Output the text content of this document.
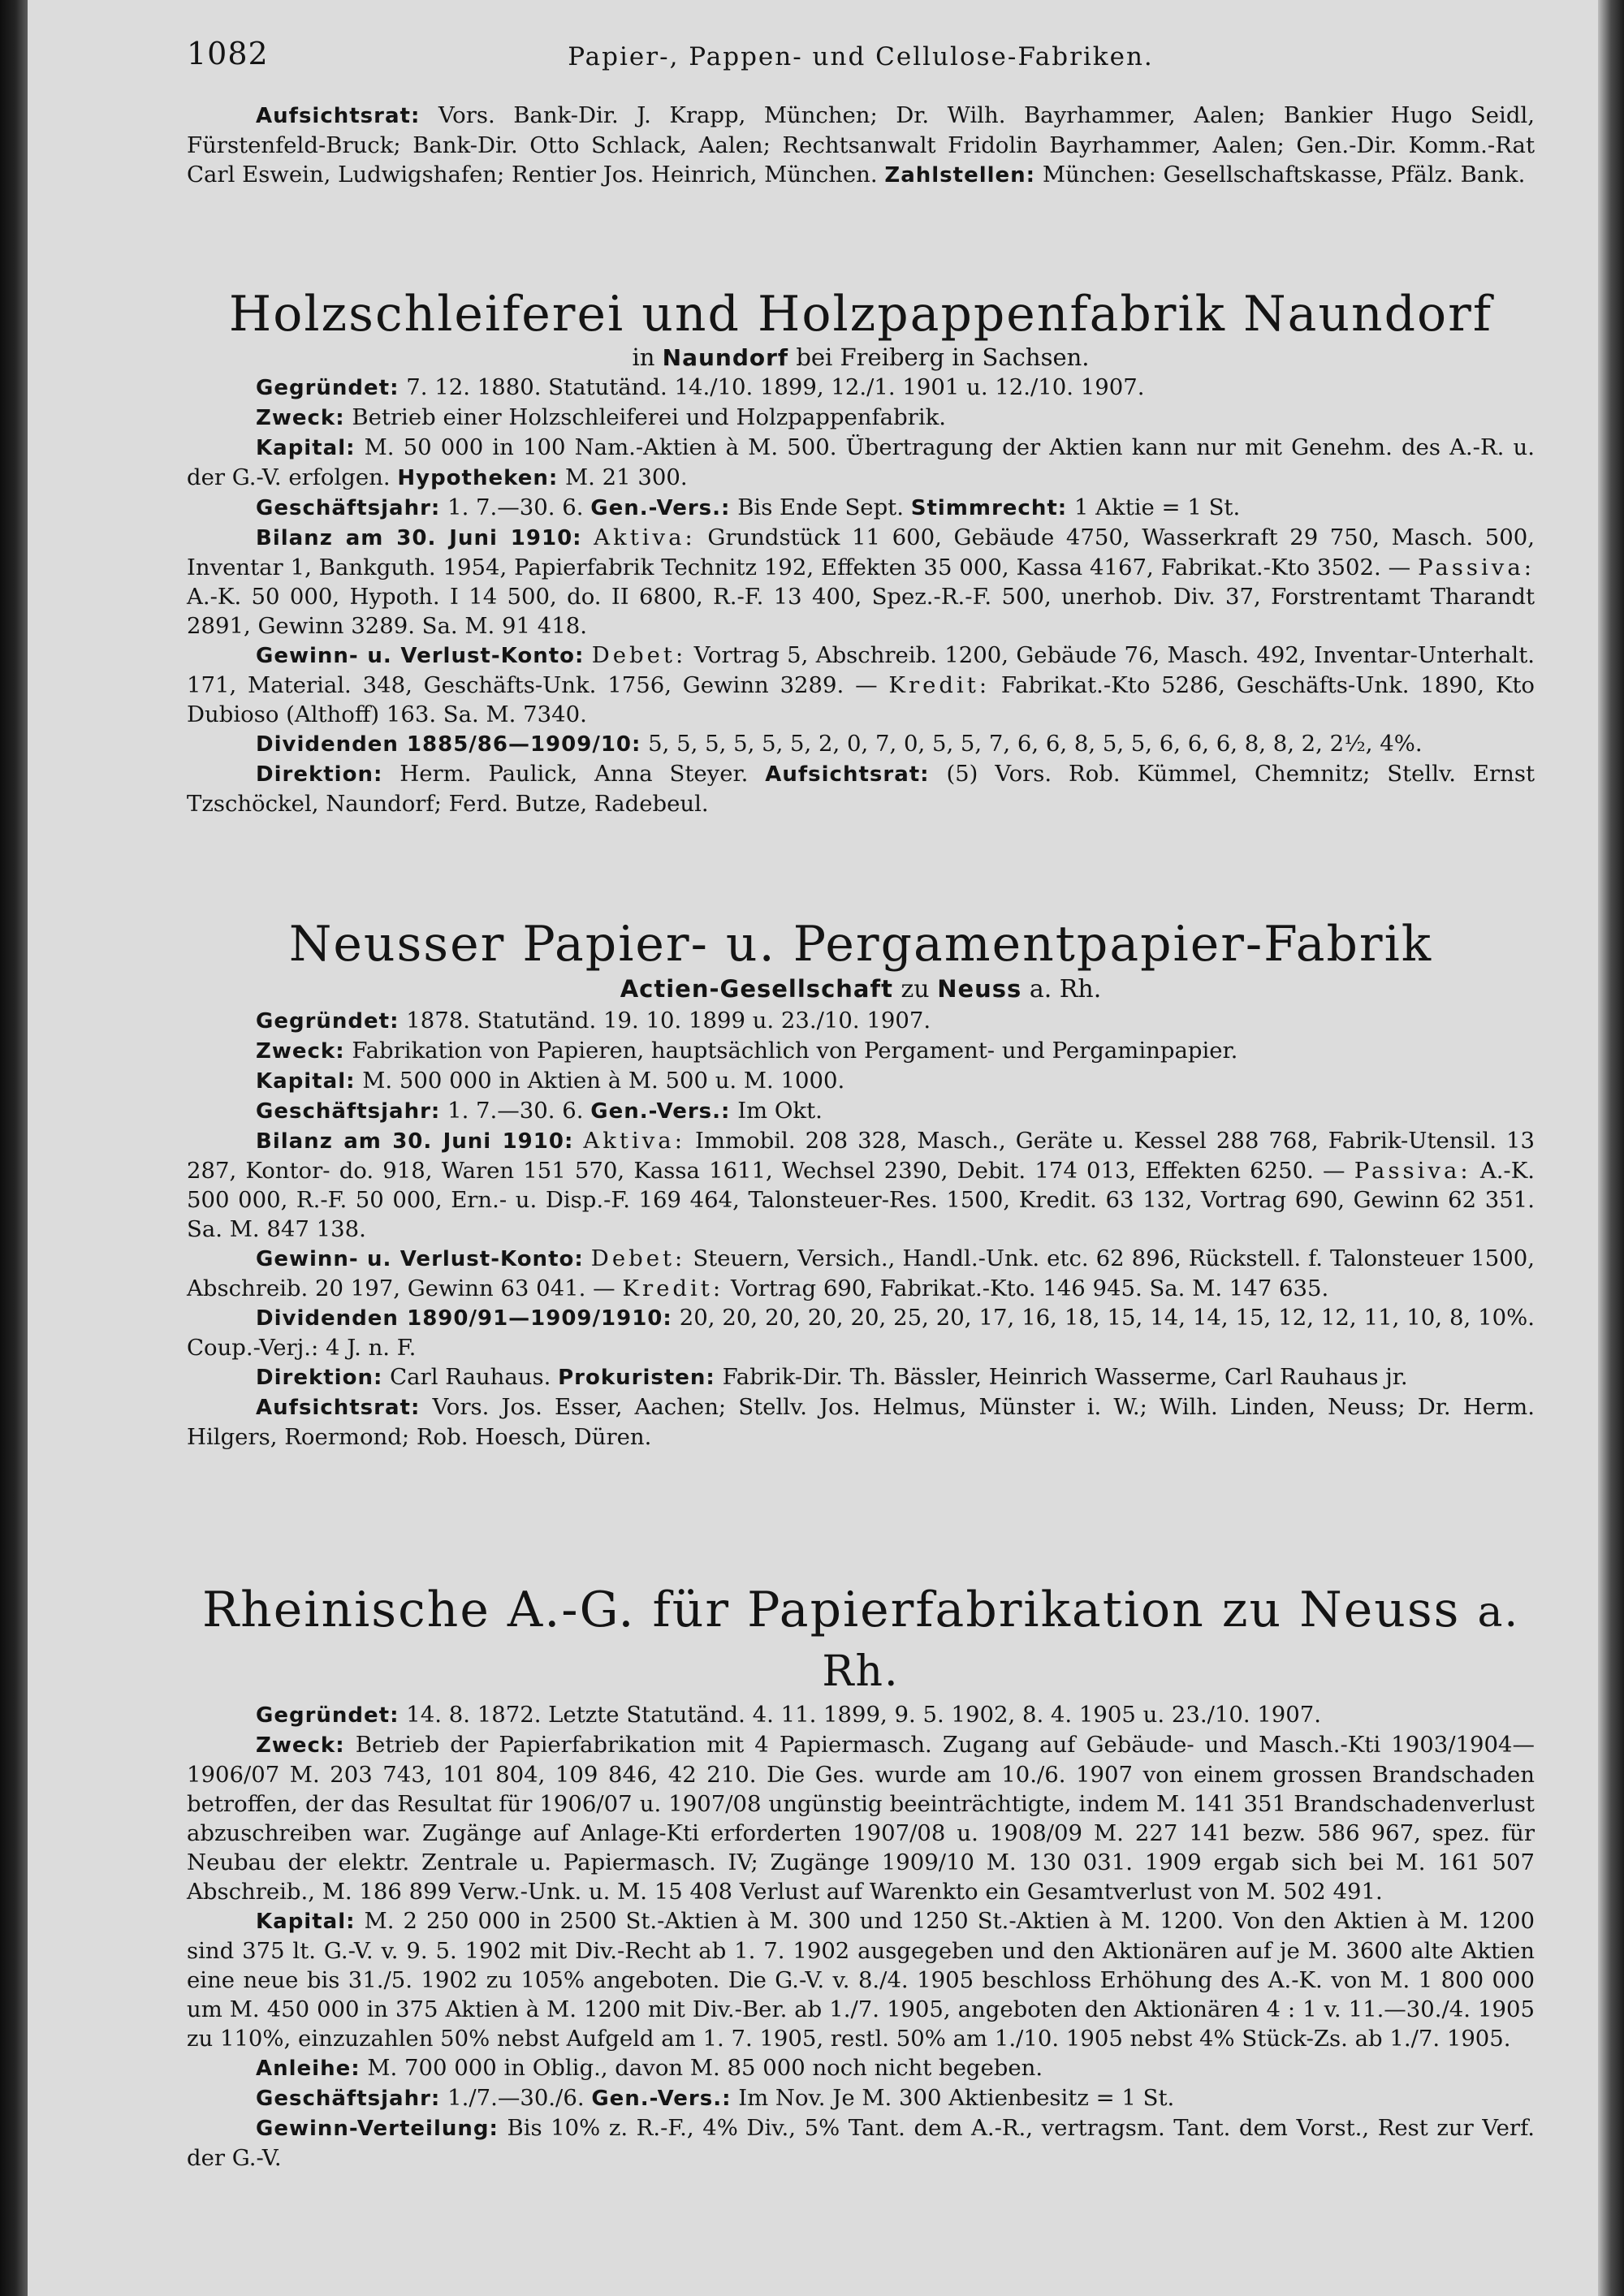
1082	Papier-, Pappen- und Cellulose-Fabriken.

Aufsichtsrat: Vors. Bank-Dir. J. Krapp, München; Dr. Wilh. Bayrhammer, Aalen; Bankier Hugo Seidl, Fürstenfeld-Bruck; Bank-Dir. Otto Schlack, Aalen; Rechtsanwalt Fridolin Bayrhammer, Aalen; Gen.-Dir. Komm.-Rat Carl Eswein, Ludwigshafen; Rentier Jos. Heinrich, München. Zahlstellen: München: Gesellschaftskasse, Pfälz. Bank.

Holzschleiferei und Holzpappenfabrik Naundorf

in Naundorf bei Freiberg in Sachsen.

Gegründet: 7. 12. 1880. Statutänd. 14./10. 1899, 12./1. 1901 u. 12./10. 1907.

Zweck: Betrieb einer Holzschleiferei und Holzpappenfabrik.

Kapital: M. 50 000 in 100 Nam.-Aktien à M. 500. Übertragung der Aktien kann nur mit Genehm. des A.-R. u. der G.-V. erfolgen. Hypotheken: M. 21 300.

Geschäftsjahr: 1. 7.—30. 6. Gen.-Vers.: Bis Ende Sept. Stimmrecht: 1 Aktie = 1 St.

Bilanz am 30. Juni 1910: Aktiva: Grundstück 11 600, Gebäude 4750, Wasserkraft 29 750, Masch. 500, Inventar 1, Bankguth. 1954, Papierfabrik Technitz 192, Effekten 35 000, Kassa 4167, Fabrikat.-Kto 3502. — Passiva: A.-K. 50 000, Hypoth. I 14 500, do. II 6800, R.-F. 13 400, Spez.-R.-F. 500, unerhob. Div. 37, Forstrentamt Tharandt 2891, Gewinn 3289. Sa. M. 91 418.

Gewinn- u. Verlust-Konto: Debet: Vortrag 5, Abschreib. 1200, Gebäude 76, Masch. 492, Inventar-Unterhalt. 171, Material. 348, Geschäfts-Unk. 1756, Gewinn 3289. — Kredit: Fabrikat.-Kto 5286, Geschäfts-Unk. 1890, Kto Dubioso (Althoff) 163. Sa. M. 7340.

Dividenden 1885/86—1909/10: 5, 5, 5, 5, 5, 5, 2, 0, 7, 0, 5, 5, 7, 6, 6, 8, 5, 5, 6, 6, 6, 8, 8, 2, 2½, 4%.

Direktion: Herm. Paulick, Anna Steyer. Aufsichtsrat: (5) Vors. Rob. Kümmel, Chemnitz; Stellv. Ernst Tzschöckel, Naundorf; Ferd. Butze, Radebeul.

Neusser Papier- u. Pergamentpapier-Fabrik

Actien-Gesellschaft zu Neuss a. Rh.

Gegründet: 1878. Statutänd. 19. 10. 1899 u. 23./10. 1907.

Zweck: Fabrikation von Papieren, hauptsächlich von Pergament- und Pergaminpapier.

Kapital: M. 500 000 in Aktien à M. 500 u. M. 1000.

Geschäftsjahr: 1. 7.—30. 6. Gen.-Vers.: Im Okt.

Bilanz am 30. Juni 1910: Aktiva: Immobil. 208 328, Masch., Geräte u. Kessel 288 768, Fabrik-Utensil. 13 287, Kontor- do. 918, Waren 151 570, Kassa 1611, Wechsel 2390, Debit. 174 013, Effekten 6250. — Passiva: A.-K. 500 000, R.-F. 50 000, Ern.- u. Disp.-F. 169 464, Talonsteuer-Res. 1500, Kredit. 63 132, Vortrag 690, Gewinn 62 351. Sa. M. 847 138.

Gewinn- u. Verlust-Konto: Debet: Steuern, Versich., Handl.-Unk. etc. 62 896, Rückstell. f. Talonsteuer 1500, Abschreib. 20 197, Gewinn 63 041. — Kredit: Vortrag 690, Fabrikat.-Kto. 146 945. Sa. M. 147 635.

Dividenden 1890/91—1909/1910: 20, 20, 20, 20, 20, 25, 20, 17, 16, 18, 15, 14, 14, 15, 12, 12, 11, 10, 8, 10%. Coup.-Verj.: 4 J. n. F.

Direktion: Carl Rauhaus. Prokuristen: Fabrik-Dir. Th. Bässler, Heinrich Wasserme, Carl Rauhaus jr.

Aufsichtsrat: Vors. Jos. Esser, Aachen; Stellv. Jos. Helmus, Münster i. W.; Wilh. Linden, Neuss; Dr. Herm. Hilgers, Roermond; Rob. Hoesch, Düren.

Rheinische A.-G. für Papierfabrikation zu Neuss a. Rh.

Gegründet: 14. 8. 1872. Letzte Statutänd. 4. 11. 1899, 9. 5. 1902, 8. 4. 1905 u. 23./10. 1907.

Zweck: Betrieb der Papierfabrikation mit 4 Papiermasch. Zugang auf Gebäude- und Masch.-Kti 1903/1904—1906/07 M. 203 743, 101 804, 109 846, 42 210. Die Ges. wurde am 10./6. 1907 von einem grossen Brandschaden betroffen, der das Resultat für 1906/07 u. 1907/08 ungünstig beeinträchtigte, indem M. 141 351 Brandschadenverlust abzuschreiben war. Zugänge auf Anlage-Kti erforderten 1907/08 u. 1908/09 M. 227 141 bezw. 586 967, spez. für Neubau der elektr. Zentrale u. Papiermasch. IV; Zugänge 1909/10 M. 130 031. 1909 ergab sich bei M. 161 507 Abschreib., M. 186 899 Verw.-Unk. u. M. 15 408 Verlust auf Warenkto ein Gesamtverlust von M. 502 491.

Kapital: M. 2 250 000 in 2500 St.-Aktien à M. 300 und 1250 St.-Aktien à M. 1200. Von den Aktien à M. 1200 sind 375 lt. G.-V. v. 9. 5. 1902 mit Div.-Recht ab 1. 7. 1902 ausgegeben und den Aktionären auf je M. 3600 alte Aktien eine neue bis 31./5. 1902 zu 105% angeboten. Die G.-V. v. 8./4. 1905 beschloss Erhöhung des A.-K. von M. 1 800 000 um M. 450 000 in 375 Aktien à M. 1200 mit Div.-Ber. ab 1./7. 1905, angeboten den Aktionären 4 : 1 v. 11.—30./4. 1905 zu 110%, einzuzahlen 50% nebst Aufgeld am 1. 7. 1905, restl. 50% am 1./10. 1905 nebst 4% Stück-Zs. ab 1./7. 1905.

Anleihe: M. 700 000 in Oblig., davon M. 85 000 noch nicht begeben.

Geschäftsjahr: 1./7.—30./6. Gen.-Vers.: Im Nov. Je M. 300 Aktienbesitz = 1 St.

Gewinn-Verteilung: Bis 10% z. R.-F., 4% Div., 5% Tant. dem A.-R., vertragsm. Tant. dem Vorst., Rest zur Verf. der G.-V.
